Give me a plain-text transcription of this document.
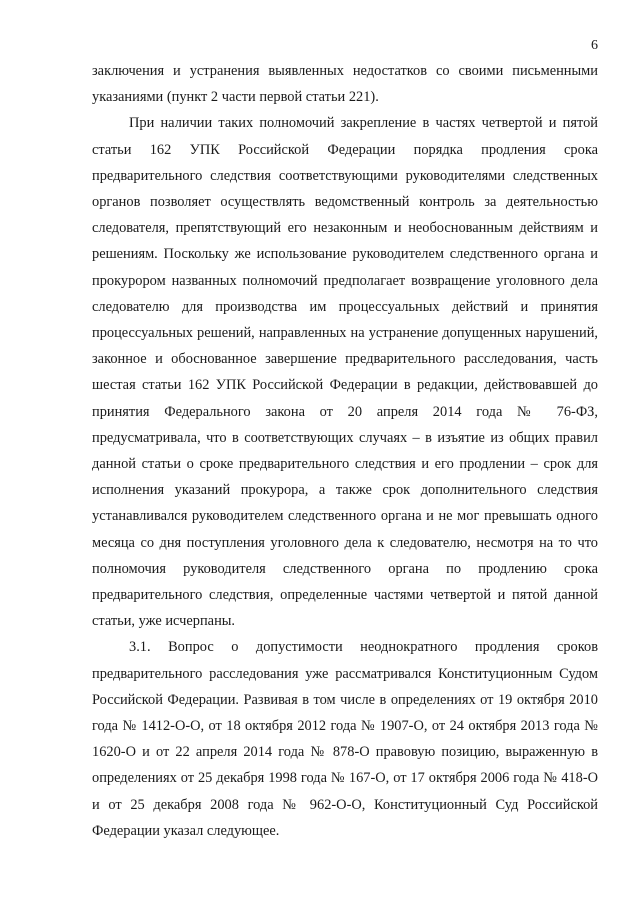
6

заключения и устранения выявленных недостатков со своими письменными указаниями (пункт 2 части первой статьи 221).

При наличии таких полномочий закрепление в частях четвертой и пятой статьи 162 УПК Российской Федерации порядка продления срока предварительного следствия соответствующими руководителями следственных органов позволяет осуществлять ведомственный контроль за деятельностью следователя, препятствующий его незаконным и необоснованным действиям и решениям. Поскольку же использование руководителем следственного органа и прокурором названных полномочий предполагает возвращение уголовного дела следователю для производства им процессуальных действий и принятия процессуальных решений, направленных на устранение допущенных нарушений, законное и обоснованное завершение предварительного расследования, часть шестая статьи 162 УПК Российской Федерации в редакции, действовавшей до принятия Федерального закона от 20 апреля 2014 года № 76-ФЗ, предусматривала, что в соответствующих случаях – в изъятие из общих правил данной статьи о сроке предварительного следствия и его продлении – срок для исполнения указаний прокурора, а также срок дополнительного следствия устанавливался руководителем следственного органа и не мог превышать одного месяца со дня поступления уголовного дела к следователю, несмотря на то что полномочия руководителя следственного органа по продлению срока предварительного следствия, определенные частями четвертой и пятой данной статьи, уже исчерпаны.

3.1. Вопрос о допустимости неоднократного продления сроков предварительного расследования уже рассматривался Конституционным Судом Российской Федерации. Развивая в том числе в определениях от 19 октября 2010 года № 1412-О-О, от 18 октября 2012 года № 1907-О, от 24 октября 2013 года № 1620-О и от 22 апреля 2014 года № 878-О правовую позицию, выраженную в определениях от 25 декабря 1998 года № 167-О, от 17 октября 2006 года № 418-О и от 25 декабря 2008 года № 962-О-О, Конституционный Суд Российской Федерации указал следующее.
